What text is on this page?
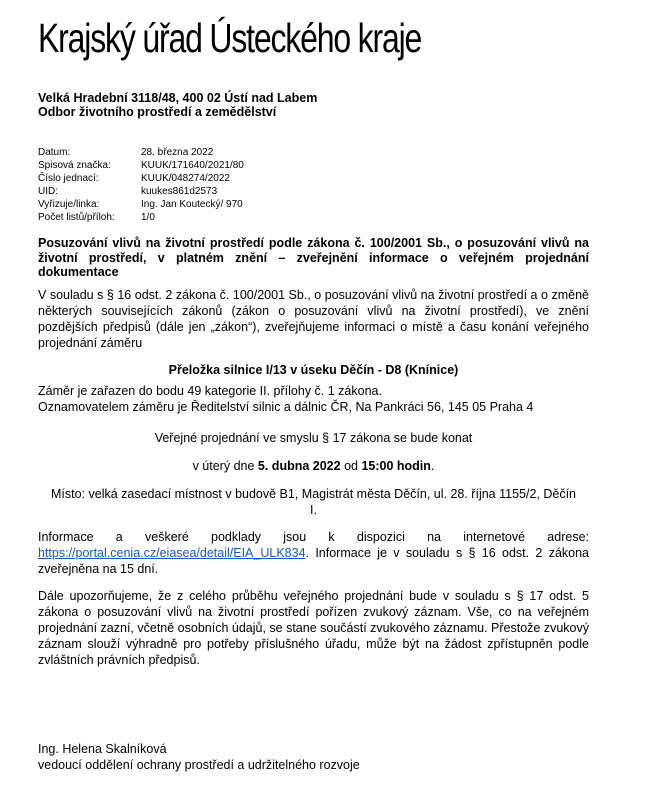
Krajský úřad Ústeckého kraje
Velká Hradební 3118/48, 400 02 Ústí nad Labem
Odbor životního prostředí a zemědělství
Datum:	28. března 2022
Spisová značka:	KUUK/171640/2021/80
Číslo jednací:	KUUK/048274/2022
UID:	kuukes861d2573
Vyřizuje/linka:	Ing. Jan Koutecký/ 970
Počet listů/příloh:	1/0
Posuzování vlivů na životní prostředí podle zákona č. 100/2001 Sb., o posuzování vlivů na životní prostředí, v platném znění – zveřejnění informace o veřejném projednání dokumentace
V souladu s § 16 odst. 2 zákona č. 100/2001 Sb., o posuzování vlivů na životní prostředí a o změně některých souvisejících zákonů (zákon o posuzování vlivů na životní prostředí), ve znění pozdějších předpisů (dále jen „zákon“), zveřejňujeme informaci o místě a času konání veřejného projednání záměru
Přeložka silnice I/13 v úseku Děčín - D8 (Knínice)
Záměr je zařazen do bodu 49 kategorie II. přílohy č. 1 zákona.
Oznamovatelem záměru je Ředitelství silnic a dálnic ČR, Na Pankráci 56, 145 05 Praha 4
Veřejné projednání ve smyslu § 17 zákona se bude konat
v úterý dne 5. dubna 2022 od 15:00 hodin.
Místo: velká zasedací místnost v budově B1, Magistrát města Děčín, ul. 28. října 1155/2, Děčín I.
Informace a veškeré podklady jsou k dispozici na internetové adrese: https://portal.cenia.cz/eiasea/detail/EIA_ULK834. Informace je v souladu s § 16 odst. 2 zákona zveřejněna na 15 dní.
Dále upozorňujeme, že z celého průběhu veřejného projednání bude v souladu s § 17 odst. 5 zákona o posuzování vlivů na životní prostředí pořízen zvukový záznam. Vše, co na veřejném projednání zazní, včetně osobních údajů, se stane součástí zvukového záznamu. Přestože zvukový záznam slouží výhradně pro potřeby příslušného úřadu, může být na žádost zpřístupněn podle zvláštních právních předpisů.
Ing. Helena Skalníková
vedoucí oddělení ochrany prostředí a udržitelného rozvoje
